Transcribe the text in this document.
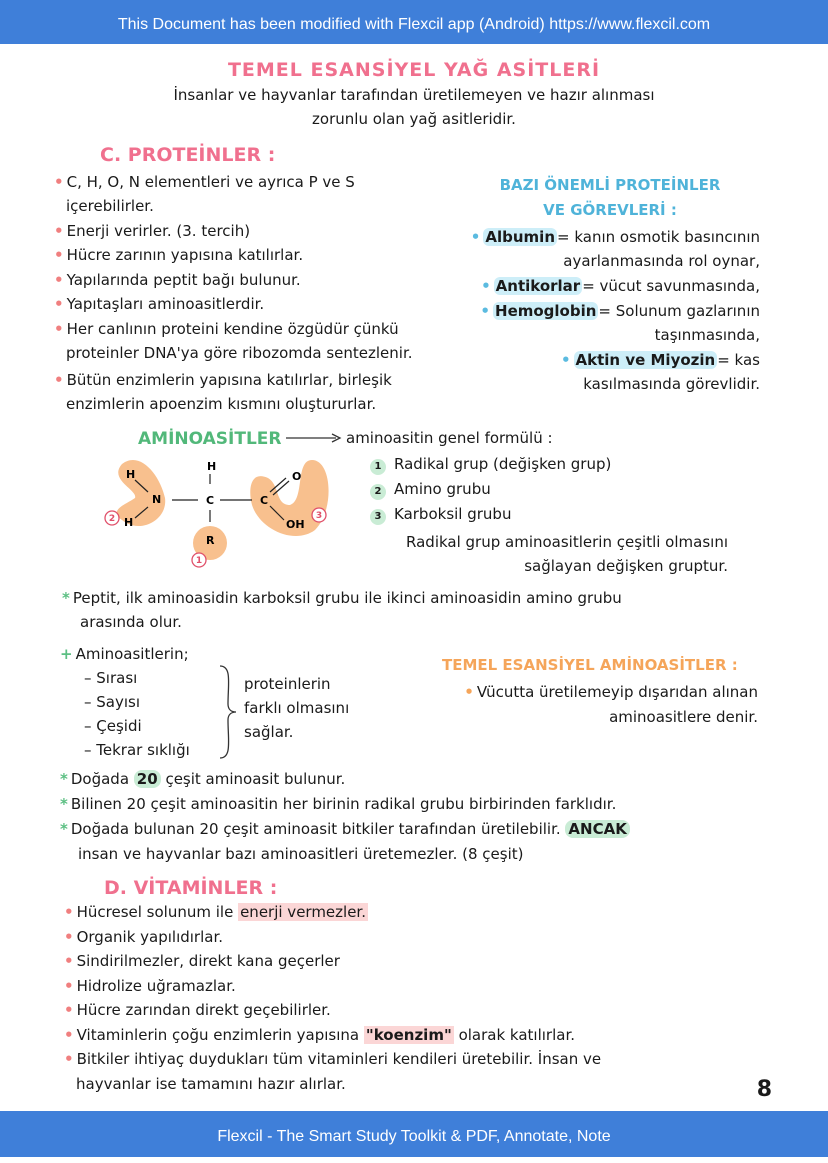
This Document has been modified with Flexcil app (Android) https://www.flexcil.com
TEMEL ESANSİYEL YAĞ ASİTLERİ
İnsanlar ve hayvanlar tarafından üretilemeyen ve hazır alınması
zorunlu olan yağ asitleridir.
C. PROTEİNLER :
• C, H, O, N elementleri ve ayrıca P ve S
içerebilirler.
• Enerji verirler. (3. tercih)
• Hücre zarının yapısına katılırlar.
• Yapılarında peptit bağı bulunur.
• Yapıtaşları aminoasitlerdir.
• Her canlının proteini kendine özgüdür çünkü
proteinler DNA'ya göre ribozomda sentezlenir.
• Bütün enzimlerin yapısına katılırlar, birleşik
enzimlerin apoenzim kısmını oluştururlar.
BAZI ÖNEMLİ PROTEİNLER
VE GÖREVLERİ :
• Albumin = kanın osmotik basıncının
ayarlanmasında rol oynar,
• Antikorlar = vücut savunmasında,
• Hemoglobin = Solunum gazlarının
taşınmasında,
• Aktin ve Miyozin = kas
kasılmasında görevlidir.
AMİNOASİTLER	aminoasitin genel formülü :
H
N
H
H
C	C
O
OH
R
2	3
1
1 Radikal grup (değişken grup)
2 Amino grubu
3 Karboksil grubu
Radikal grup aminoasitlerin çeşitli olmasını
sağlayan değişken gruptur.
* Peptit, ilk aminoasidin karboksil grubu ile ikinci aminoasidin amino grubu
arasında olur.
+ Aminoasitlerin;
– Sırası
– Sayısı
– Çeşidi
– Tekrar sıklığı
proteinlerin
farklı olmasını
sağlar.
TEMEL ESANSİYEL AMİNOASİTLER :
• Vücutta üretilemeyip dışarıdan alınan
aminoasitlere denir.
* Doğada 20 çeşit aminoasit bulunur.
* Bilinen 20 çeşit aminoasitin her birinin radikal grubu birbirinden farklıdır.
* Doğada bulunan 20 çeşit aminoasit bitkiler tarafından üretilebilir. ANCAK
insan ve hayvanlar bazı aminoasitleri üretemezler. (8 çeşit)
D. VİTAMİNLER :
• Hücresel solunum ile enerji vermezler.
• Organik yapılıdırlar.
• Sindirilmezler, direkt kana geçerler
• Hidrolize uğramazlar.
• Hücre zarından direkt geçebilirler.
• Vitaminlerin çoğu enzimlerin yapısına "koenzim" olarak katılırlar.
• Bitkiler ihtiyaç duydukları tüm vitaminleri kendileri üretebilir. İnsan ve
hayvanlar ise tamamını hazır alırlar.	8
Flexcil - The Smart Study Toolkit & PDF, Annotate, Note
